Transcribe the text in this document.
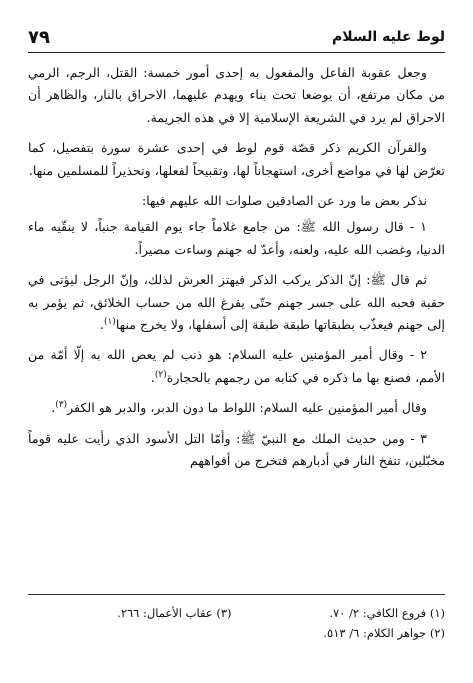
لوط عليه السلام
٧٩

وجعل عقوبة الفاعل والمفعول به إحدى أمور خمسة: القتل، الرجم، الرمي من مكان مرتفع، أن يوضعا تحت بناء ويهدم عليهما، الاحراق بالنار، والظاهر أن الاحراق لم يرد في الشريعة الإسلامية إلا في هذه الجريمة.

والقرآن الكريم ذكر قصّة قوم لوط في إحدى عشرة سورة بتفصيل، كما تعرّض لها في مواضع أخرى، استهجاناً لها، وتقبيحاً لفعلها، وتحذيراً للمسلمين منها.

نذكر بعض ما ورد عن الصادقين صلوات الله عليهم فيها:

١ - قال رسول الله ﷺ: من جامع غلاماً جاء يوم القيامة جنباً، لا ينقّيه ماء الدنيا، وغضب الله عليه، ولعنه، وأعدّ له جهنم وساءت مصيراً.

ثم قال ﷺ: إنّ الذكر يركب الذكر فيهتز العرش لذلك، وإنّ الرجل ليؤتى في حقبة فحبه الله على جسر جهنم حتّى يفرغ الله من حساب الخلائق، ثم يؤمر به إلى جهنم فيعذّب بطبقاتها طبقة طبقة إلى أسفلها، ولا يخرج منها$^{(١)}$.

٢ - وقال أمير المؤمنين عليه السلام: هو ذنب لم يعص الله به إلّا أمّة من الأمم، فصنع بها ما ذكره في كتابه من رجمهم بالحجارة$^{(٢)}$.

وقال أمير المؤمنين عليه السلام: اللواط ما دون الدبر، والدبر هو الكفر$^{(٣)}$.

٣ - ومن حديث الملك مع النبيّ ﷺ: وأمّا التل الأسود الذي رأيت عليه قوماً مخبّلين، تنفخ النار في أدبارهم فتخرج من أفواههم

(١) فروع الكافي: ٢/ ٧٠.
(٣) عقاب الأعمال: ٢٦٦.
(٢) جواهر الكلام: ٦/ ٥١٣.
